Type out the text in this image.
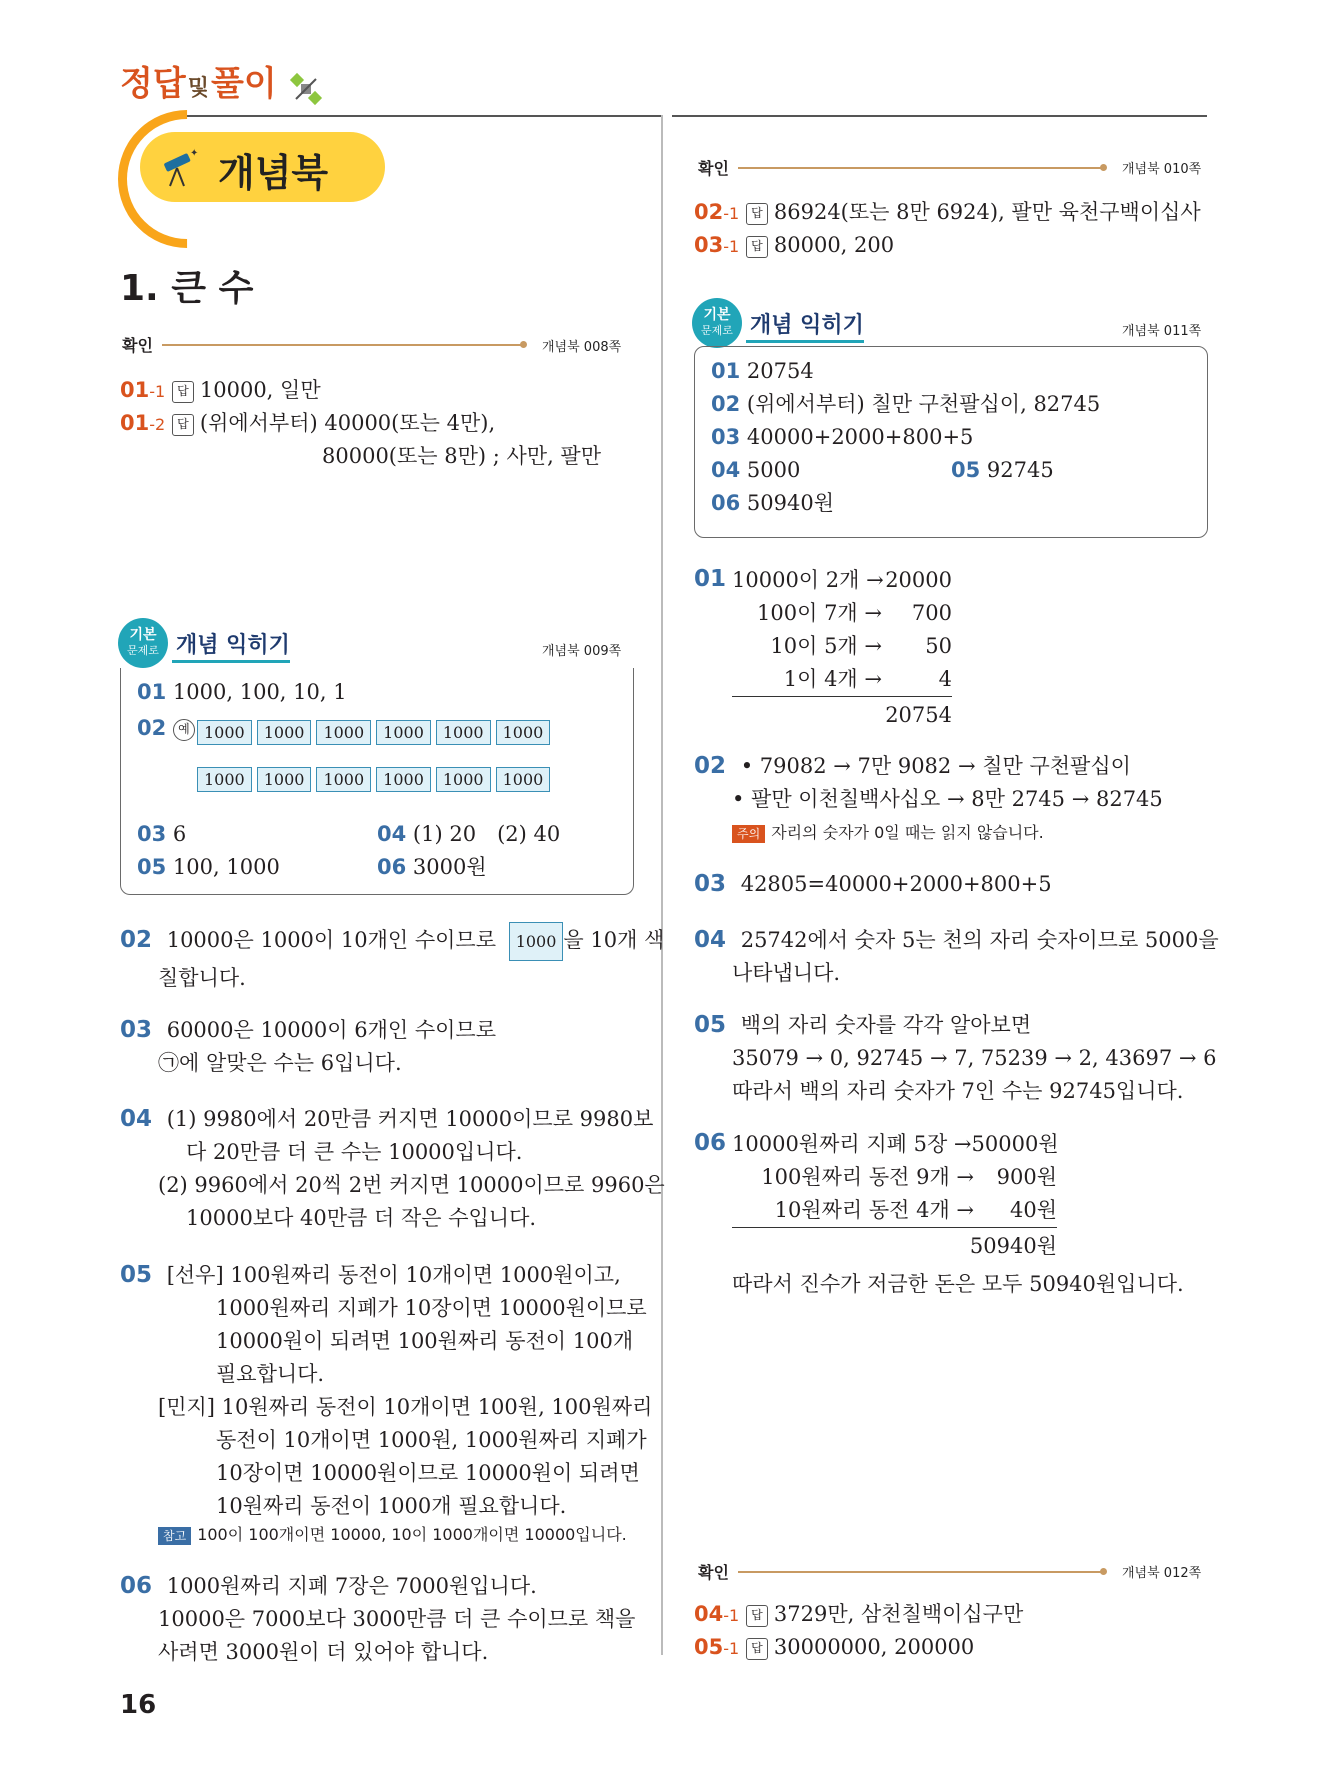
정답및풀이
✦ 개념북
1. 큰 수
확인	개념북 008쪽
01-1 답 10000, 일만
01-2 답 (위에서부터) 40000(또는 4만),
80000(또는 8만) ; 사만, 팔만
기본
문제로 개념 익히기	개념북 009쪽
01 1000, 100, 10, 1
02 예 1000 1000 1000 1000 1000 1000
1000 1000 1000 1000 1000 1000
03 6	04 (1) 20　(2) 40
05 100, 1000	06 3000원
02 10000은 1000이 10개인 수이므로 1000 을 10개 색
칠합니다.
03 60000은 10000이 6개인 수이므로
㉠에 알맞은 수는 6입니다.
04 (1) 9980에서 20만큼 커지면 10000이므로 9980보
다 20만큼 더 큰 수는 10000입니다.
(2) 9960에서 20씩 2번 커지면 10000이므로 9960은
10000보다 40만큼 더 작은 수입니다.
05 [선우] 100원짜리 동전이 10개이면 1000원이고,
1000원짜리 지폐가 10장이면 10000원이므로
10000원이 되려면 100원짜리 동전이 100개
필요합니다.
[민지] 10원짜리 동전이 10개이면 100원, 100원짜리
동전이 10개이면 1000원, 1000원짜리 지폐가
10장이면 10000원이므로 10000원이 되려면
10원짜리 동전이 1000개 필요합니다.
참고 100이 100개이면 10000, 10이 1000개이면 10000입니다.
06 1000원짜리 지폐 7장은 7000원입니다.
10000은 7000보다 3000만큼 더 큰 수이므로 책을
사려면 3000원이 더 있어야 합니다.
16
확인	개념북 010쪽
02-1 답 86924(또는 8만 6924), 팔만 육천구백이십사
03-1 답 80000, 200
기본
문제로 개념 익히기	개념북 011쪽
01 20754
02 (위에서부터) 칠만 구천팔십이, 82745
03 40000+2000+800+5
04 5000	05 92745
06 50940원
01 10000이 2개 → 20000
100이 7개 → 700
10이 5개 → 50
1이 4개 →	4
20754
02 • 79082 → 7만 9082 → 칠만 구천팔십이
• 팔만 이천칠백사십오 → 8만 2745 → 82745
주의 자리의 숫자가 0일 때는 읽지 않습니다.
03 42805=40000+2000+800+5
04 25742에서 숫자 5는 천의 자리 숫자이므로 5000을
나타냅니다.
05 백의 자리 숫자를 각각 알아보면
35079 → 0, 92745 → 7, 75239 → 2, 43697 → 6
따라서 백의 자리 숫자가 7인 수는 92745입니다.
06 10000원짜리 지폐 5장 → 50000원
100원짜리 동전 9개 → 900원
10원짜리 동전 4개 → 40원
50940원
따라서 진수가 저금한 돈은 모두 50940원입니다.
확인	개념북 012쪽
04-1 답 3729만, 삼천칠백이십구만
05-1 답 30000000, 200000
